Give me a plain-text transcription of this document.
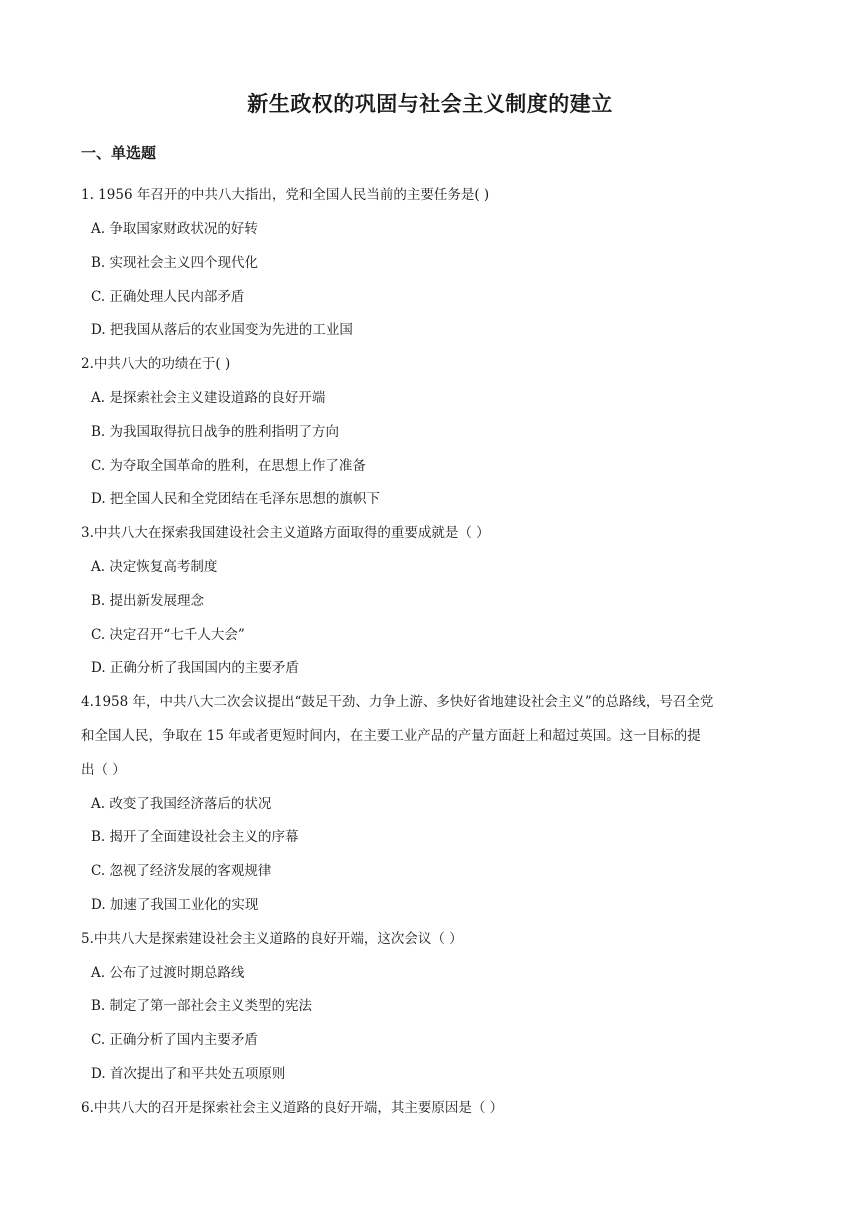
新生政权的巩固与社会主义制度的建立
一、单选题
1. 1956 年召开的中共八大指出，党和全国人民当前的主要任务是( )
A. 争取国家财政状况的好转
B. 实现社会主义四个现代化
C. 正确处理人民内部矛盾
D. 把我国从落后的农业国变为先进的工业国
2.中共八大的功绩在于( )
A. 是探索社会主义建设道路的良好开端
B. 为我国取得抗日战争的胜利指明了方向
C. 为夺取全国革命的胜利，在思想上作了准备
D. 把全国人民和全党团结在毛泽东思想的旗帜下
3.中共八大在探索我国建设社会主义道路方面取得的重要成就是（ ）
A. 决定恢复高考制度
B. 提出新发展理念
C. 决定召开“七千人大会”
D. 正确分析了我国国内的主要矛盾
4.1958 年，中共八大二次会议提出“鼓足干劲、力争上游、多快好省地建设社会主义”的总路线，号召全党
和全国人民，争取在 15 年或者更短时间内，在主要工业产品的产量方面赶上和超过英国。这一目标的提
出（ ）
A. 改变了我国经济落后的状况
B. 揭开了全面建设社会主义的序幕
C. 忽视了经济发展的客观规律
D. 加速了我国工业化的实现
5.中共八大是探索建设社会主义道路的良好开端，这次会议（ ）
A. 公布了过渡时期总路线
B. 制定了第一部社会主义类型的宪法
C. 正确分析了国内主要矛盾
D. 首次提出了和平共处五项原则
6.中共八大的召开是探索社会主义道路的良好开端，其主要原因是（ ）
